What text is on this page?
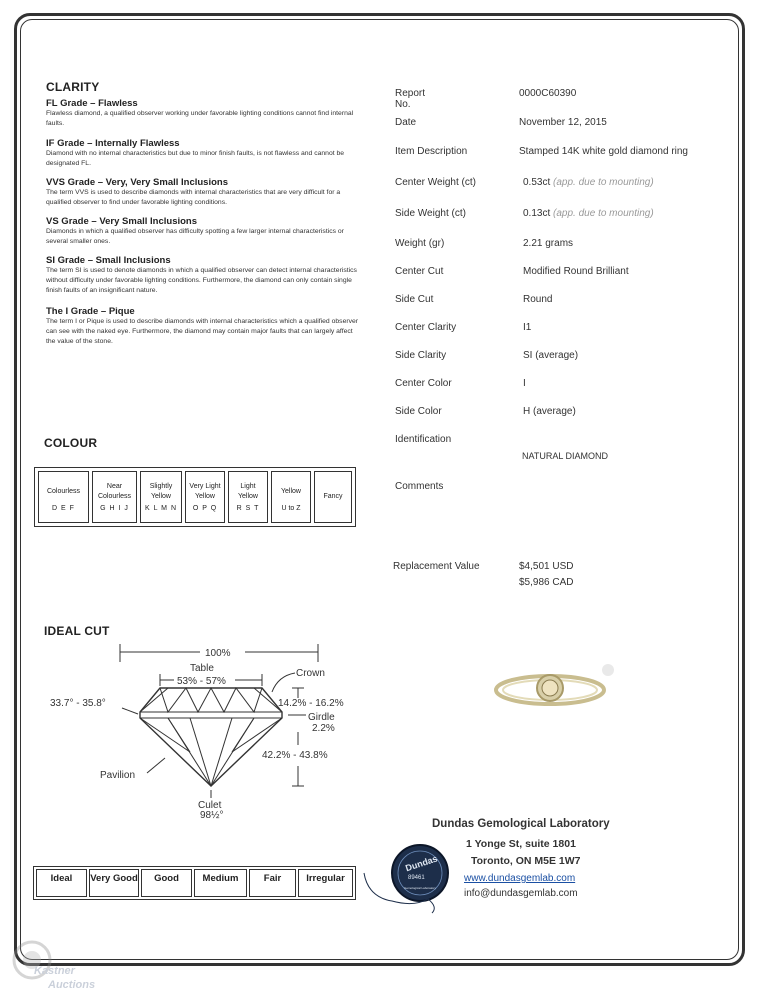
CLARITY
FL Grade – Flawless
Flawless diamond, a qualified observer working under favorable lighting conditions cannot find internal faults.
IF Grade – Internally Flawless
Diamond with no internal characteristics but due to minor finish faults, is not flawless and cannot be designated FL.
VVS Grade – Very, Very Small Inclusions
The term VVS is used to describe diamonds with internal characteristics that are very difficult for a qualified observer to find under favorable lighting conditions.
VS Grade – Very Small Inclusions
Diamonds in which a qualified observer has difficulty spotting a few larger internal characteristics or several smaller ones.
SI Grade – Small Inclusions
The term SI is used to denote diamonds in which a qualified observer can detect internal characteristics without difficulty under favorable lighting conditions. Furthermore, the diamond can only contain single finish faults of an insignificant nature.
The I Grade – Pique
The term I or Pique is used to describe diamonds with internal characteristics which a qualified observer can see with the naked eye. Furthermore, the diamond may contain major faults that can largely affect the value of the stone.
COLOUR
Colourless
D E F

Near Colourless
G H I J

Slightly Yellow
K L M N

Very Light Yellow
O P Q

Light Yellow
R S T

Yellow
U to Z

Fancy
IDEAL CUT
100%
Table
53% - 57%
Crown
33.7° - 35.8°	14.2% - 16.2%
Girdle
2.2%
42.2% - 43.8%
Pavilion
Culet
98½°
Ideal	Very Good	Good	Medium	Fair	Irregular
Report No.
0000C60390
Date	November 12, 2015
Item Description	Stamped 14K white gold diamond ring
Center Weight (ct)	0.53ct (app. due to mounting)
Side Weight (ct)	0.13ct (app. due to mounting)
Weight (gr)	2.21 grams
Center Cut	Modified Round Brilliant
Side Cut	Round
Center Clarity	I1
Side Clarity	SI (average)
Center Color	I
Side Color	H (average)
Identification
NATURAL DIAMOND
Comments
Replacement Value	$4,501 USD
$5,986 CAD
Dundas Gemological Laboratory
1 Yonge St, suite 1801
Toronto, ON M5E 1W7
www.dundasgemlab.com
info@dundasgemlab.com
Dundas
89461
Gemological Laboratory
Kastner
Auctions
